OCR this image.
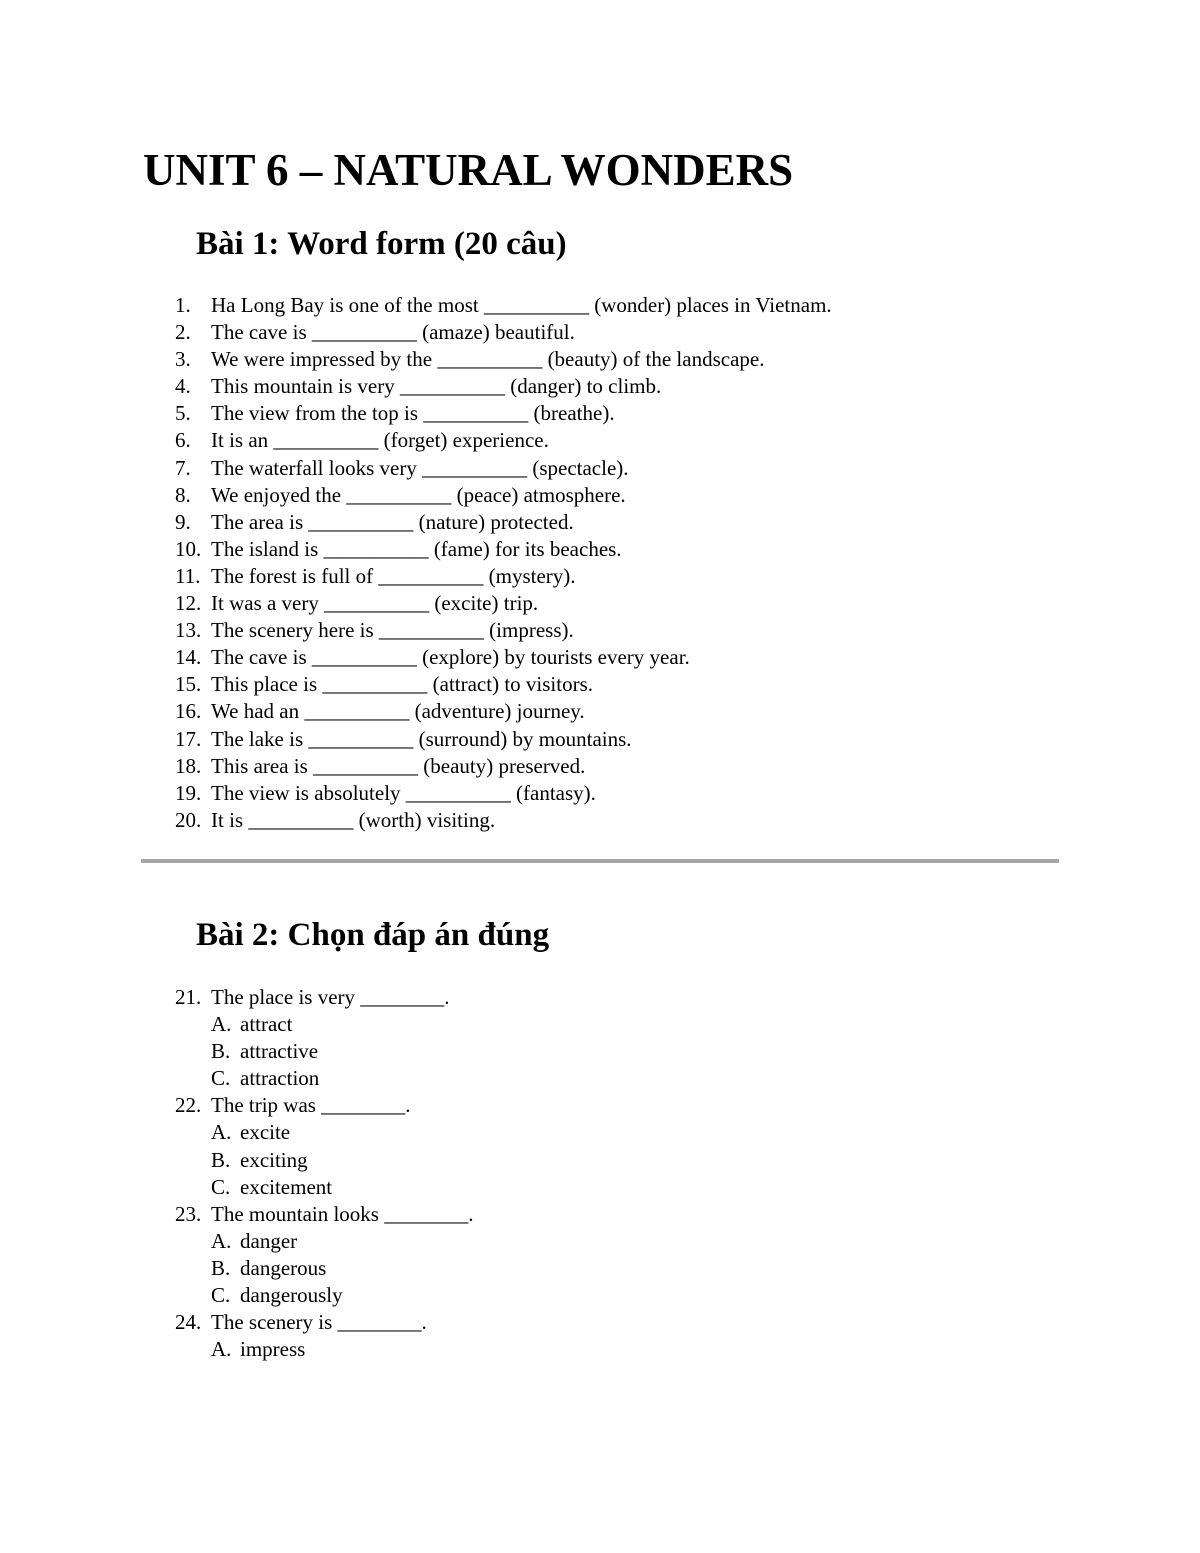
UNIT 6 – NATURAL WONDERS
Bài 1: Word form (20 câu)
1. Ha Long Bay is one of the most __________ (wonder) places in Vietnam.
2. The cave is __________ (amaze) beautiful.
3. We were impressed by the __________ (beauty) of the landscape.
4. This mountain is very __________ (danger) to climb.
5. The view from the top is __________ (breathe).
6. It is an __________ (forget) experience.
7. The waterfall looks very __________ (spectacle).
8. We enjoyed the __________ (peace) atmosphere.
9. The area is __________ (nature) protected.
10. The island is __________ (fame) for its beaches.
11. The forest is full of __________ (mystery).
12. It was a very __________ (excite) trip.
13. The scenery here is __________ (impress).
14. The cave is __________ (explore) by tourists every year.
15. This place is __________ (attract) to visitors.
16. We had an __________ (adventure) journey.
17. The lake is __________ (surround) by mountains.
18. This area is __________ (beauty) preserved.
19. The view is absolutely __________ (fantasy).
20. It is __________ (worth) visiting.
Bài 2: Chọn đáp án đúng
21. The place is very ________.
A. attract
B. attractive
C. attraction
22. The trip was ________.
A. excite
B. exciting
C. excitement
23. The mountain looks ________.
A. danger
B. dangerous
C. dangerously
24. The scenery is ________.
A. impress
